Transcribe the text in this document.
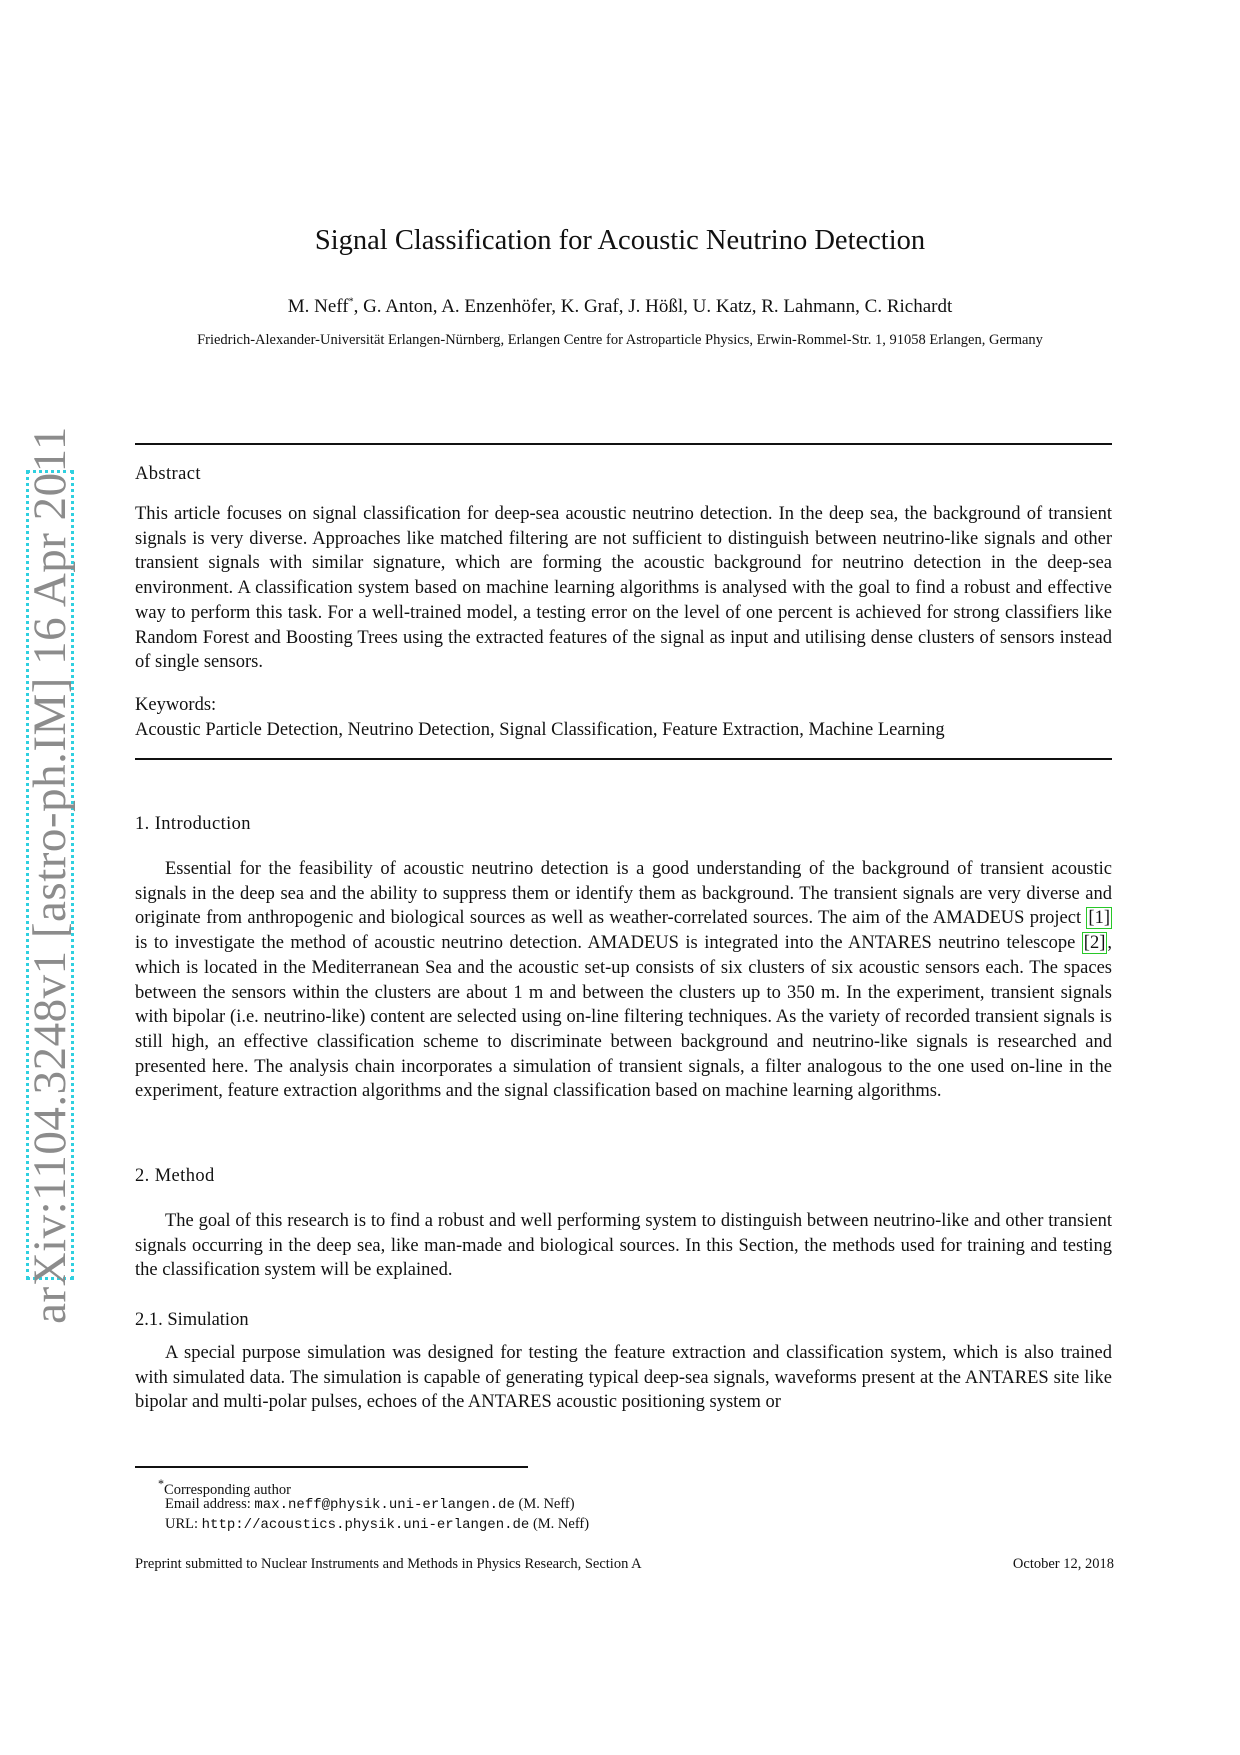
arXiv:1104.3248v1 [astro-ph.IM] 16 Apr 2011
Signal Classification for Acoustic Neutrino Detection
M. Neff*, G. Anton, A. Enzenhöfer, K. Graf, J. Hößl, U. Katz, R. Lahmann, C. Richardt
Friedrich-Alexander-Universität Erlangen-Nürnberg, Erlangen Centre for Astroparticle Physics, Erwin-Rommel-Str. 1, 91058 Erlangen, Germany
Abstract

This article focuses on signal classification for deep-sea acoustic neutrino detection. In the deep sea, the background of transient signals is very diverse. Approaches like matched filtering are not sufficient to distinguish between neutrino-like signals and other transient signals with similar signature, which are forming the acoustic background for neutrino detection in the deep-sea environment. A classification system based on machine learning algorithms is analysed with the goal to find a robust and effective way to perform this task. For a well-trained model, a testing error on the level of one percent is achieved for strong classifiers like Random Forest and Boosting Trees using the extracted features of the signal as input and utilising dense clusters of sensors instead of single sensors.

Keywords:
Acoustic Particle Detection, Neutrino Detection, Signal Classification, Feature Extraction, Machine Learning
1. Introduction

Essential for the feasibility of acoustic neutrino detection is a good understanding of the background of transient acoustic signals in the deep sea and the ability to suppress them or identify them as background. The transient signals are very diverse and originate from anthropogenic and biological sources as well as weather-correlated sources. The aim of the AMADEUS project [1] is to investigate the method of acoustic neutrino detection. AMADEUS is integrated into the ANTARES neutrino telescope [2] , which is located in the Mediterranean Sea and the acoustic set-up consists of six clusters of six acoustic sensors each. The spaces between the sensors within the clusters are about 1 m and between the clusters up to 350 m. In the experiment, transient signals with bipolar (i.e. neutrino-like) content are selected using on-line filtering techniques. As the variety of recorded transient signals is still high, an effective classification scheme to discriminate between background and neutrino-like signals is researched and presented here. The analysis chain incorporates a simulation of transient signals, a filter analogous to the one used on-line in the experiment, feature extraction algorithms and the signal classification based on machine learning algorithms.

2. Method

The goal of this research is to find a robust and well performing system to distinguish between neutrino-like and other transient signals occurring in the deep sea, like man-made and biological sources. In this Section, the methods used for training and testing the classification system will be explained.

2.1. Simulation

A special purpose simulation was designed for testing the feature extraction and classification system, which is also trained with simulated data. The simulation is capable of generating typical deep-sea signals, waveforms present at the ANTARES site like bipolar and multi-polar pulses, echoes of the ANTARES acoustic positioning system or

*Corresponding author
Email address: max.neff@physik.uni-erlangen.de (M. Neff)
URL: http://acoustics.physik.uni-erlangen.de (M. Neff)
Preprint submitted to Nuclear Instruments and Methods in Physics Research, Section A	October 12, 2018
